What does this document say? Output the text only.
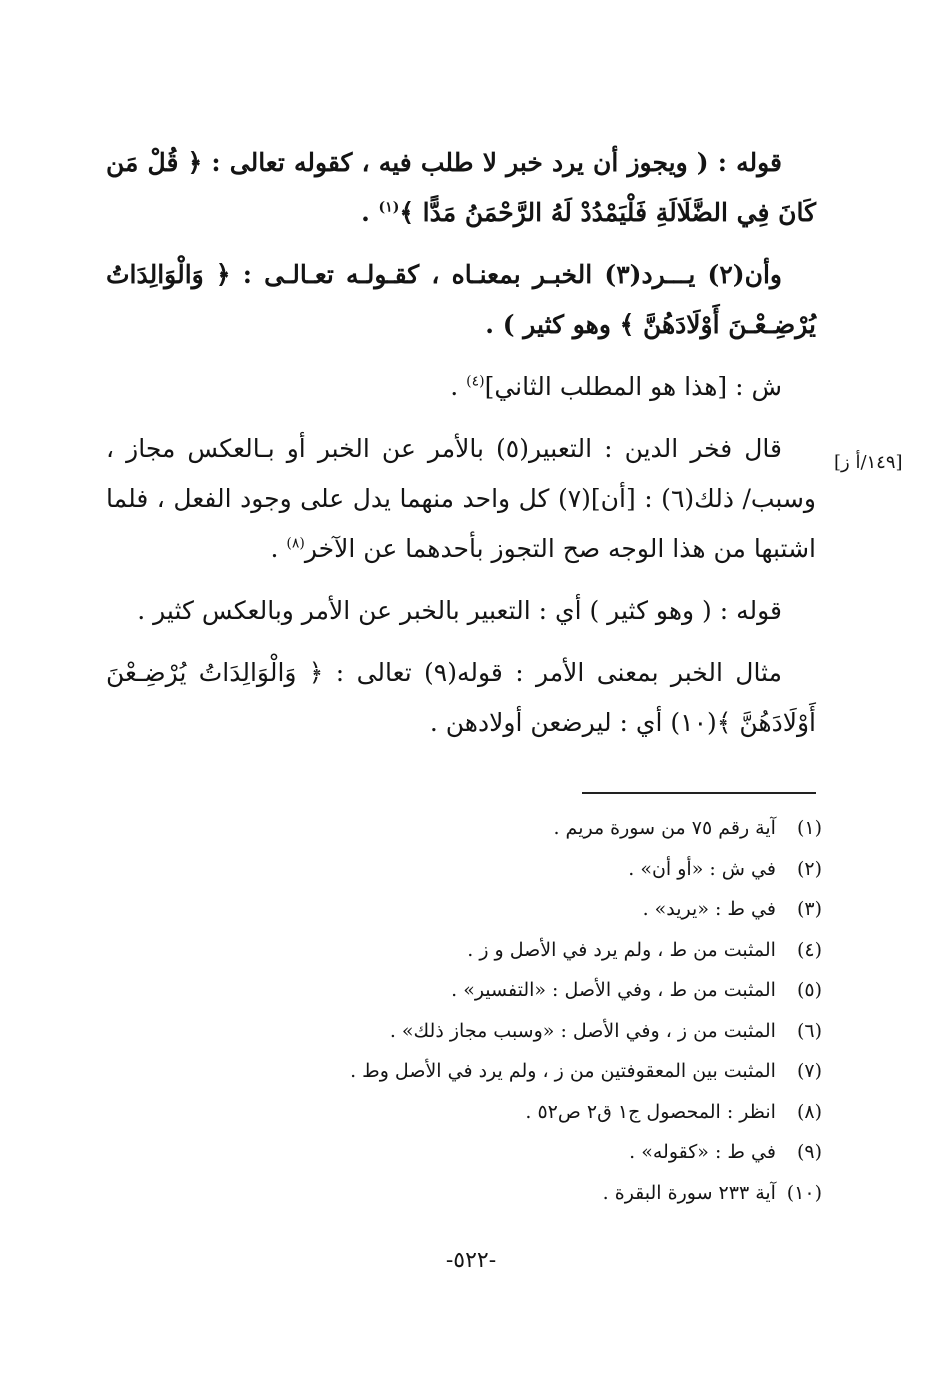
[١٤٩/أ ز]

قوله : ( ويجوز أن يرد خبر لا طلب فيه ، كقوله تعالى : ﴿ قُلْ مَن كَانَ فِي الضَّلَالَةِ فَلْيَمْدُدْ لَهُ الرَّحْمَنُ مَدًّا ﴾$^{(١)}$ .

وأن(٢) يـــرد(٣) الخبـر بمعنـاه ، كقـولـه تعـالـى : ﴿ وَالْوَالِدَاتُ يُرْضِـعْـنَ أَوْلَادَهُنَّ ﴾ وهو كثير ) .

ش : [هذا هو المطلب الثاني]$^{(٤)}$ .

قال فخر الدين : التعبير(٥) بالأمر عن الخبر أو بـالعكس مجاز ، وسبب/ ذلك(٦) : [أن](٧) كل واحد منهما يدل على وجود الفعل ، فلما اشتبها من هذا الوجه صح التجوز بأحدهما عن الآخر$^{(٨)}$ .

قوله : ( وهو كثير ) أي : التعبير بالخبر عن الأمر وبالعكس كثير .

مثال الخبر بمعنى الأمر : قوله(٩) تعالى : ﴿ وَالْوَالِدَاتُ يُرْضِـعْنَ أَوْلَادَهُنَّ ﴾(١٠) أي : ليرضعن أولادهن .

(١) آية رقم ٧٥ من سورة مريم .
(٢) في ش : «أو أن» .
(٣) في ط : «يريد» .
(٤) المثبت من ط ، ولم يرد في الأصل و ز .
(٥) المثبت من ط ، وفي الأصل : «التفسير» .
(٦) المثبت من ز ، وفي الأصل : «وسبب مجاز ذلك» .
(٧) المثبت بين المعقوفتين من ز ، ولم يرد في الأصل وط .
(٨) انظر : المحصول ج١ ق٢ ص٥٢ .
(٩) في ط : «كقوله» .
(١٠) آية ٢٣٣ سورة البقرة .
-٥٢٢-
